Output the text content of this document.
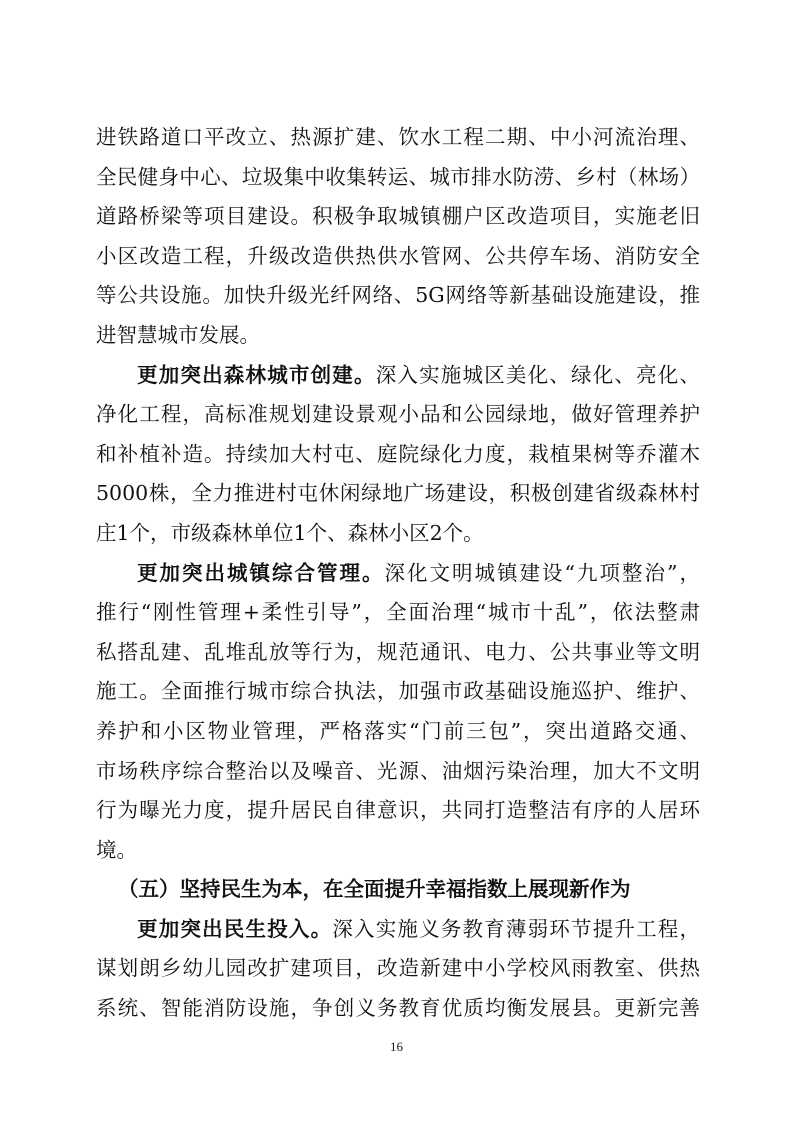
进铁路道口平改立、热源扩建、饮水工程二期、中小河流治理、
全民健身中心、垃圾集中收集转运、城市排水防涝、乡村（林场）
道路桥梁等项目建设。积极争取城镇棚户区改造项目，实施老旧
小区改造工程，升级改造供热供水管网、公共停车场、消防安全
等公共设施。加快升级光纤网络、5G网络等新基础设施建设，推
进智慧城市发展。
更加突出森林城市创建。深入实施城区美化、绿化、亮化、
净化工程，高标准规划建设景观小品和公园绿地，做好管理养护
和补植补造。持续加大村屯、庭院绿化力度，栽植果树等乔灌木
5000株，全力推进村屯休闲绿地广场建设，积极创建省级森林村
庄1个，市级森林单位1个、森林小区2个。
更加突出城镇综合管理。深化文明城镇建设“九项整治”，
推行“刚性管理+柔性引导”，全面治理“城市十乱”，依法整肃
私搭乱建、乱堆乱放等行为，规范通讯、电力、公共事业等文明
施工。全面推行城市综合执法，加强市政基础设施巡护、维护、
养护和小区物业管理，严格落实“门前三包”，突出道路交通、
市场秩序综合整治以及噪音、光源、油烟污染治理，加大不文明
行为曝光力度，提升居民自律意识，共同打造整洁有序的人居环
境。
（五）坚持民生为本，在全面提升幸福指数上展现新作为
更加突出民生投入。深入实施义务教育薄弱环节提升工程，
谋划朗乡幼儿园改扩建项目，改造新建中小学校风雨教室、供热
系统、智能消防设施，争创义务教育优质均衡发展县。更新完善
16
